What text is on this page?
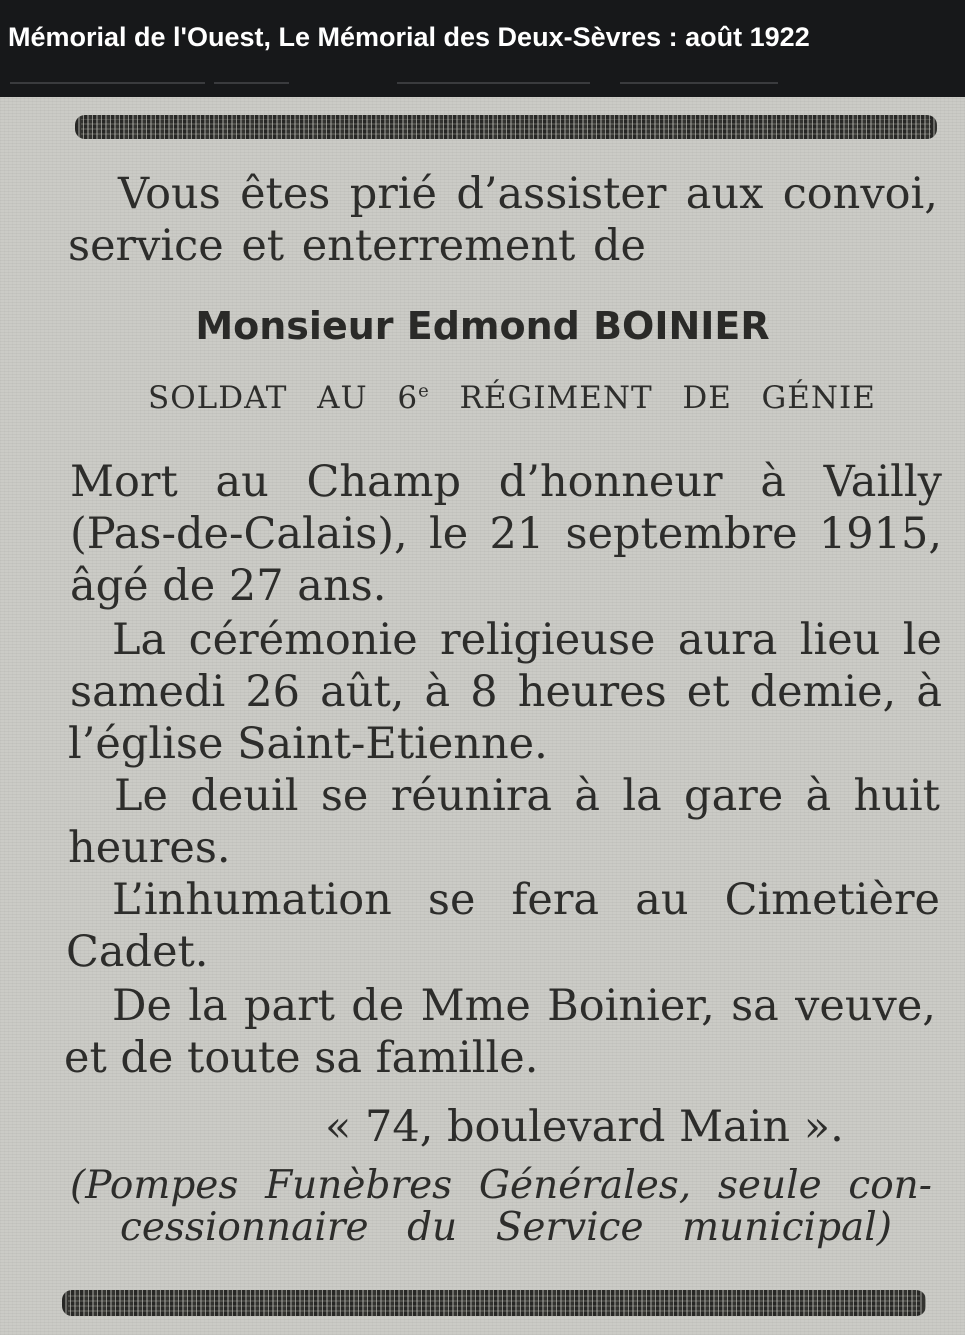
Mémorial de l'Ouest, Le Mémorial des Deux-Sèvres : août 1922
Vous êtes prié d’assister aux convoi,
service et enterrement de
Monsieur Edmond BOINIER
SOLDAT AU 6e RÉGIMENT DE GÉNIE
Mort au Champ d’honneur à Vailly
(Pas-de-Calais), le 21 septembre 1915,
âgé de 27 ans.
La cérémonie religieuse aura lieu le
samedi 26 aût, à 8 heures et demie, à
l’église Saint-Etienne.
Le deuil se réunira à la gare à huit
heures.
L’inhumation se fera au Cimetière
Cadet.
De la part de Mme Boinier, sa veuve,
et de toute sa famille.
« 74, boulevard Main ».
(Pompes Funèbres Générales, seule con-
cessionnaire du Service municipal)
